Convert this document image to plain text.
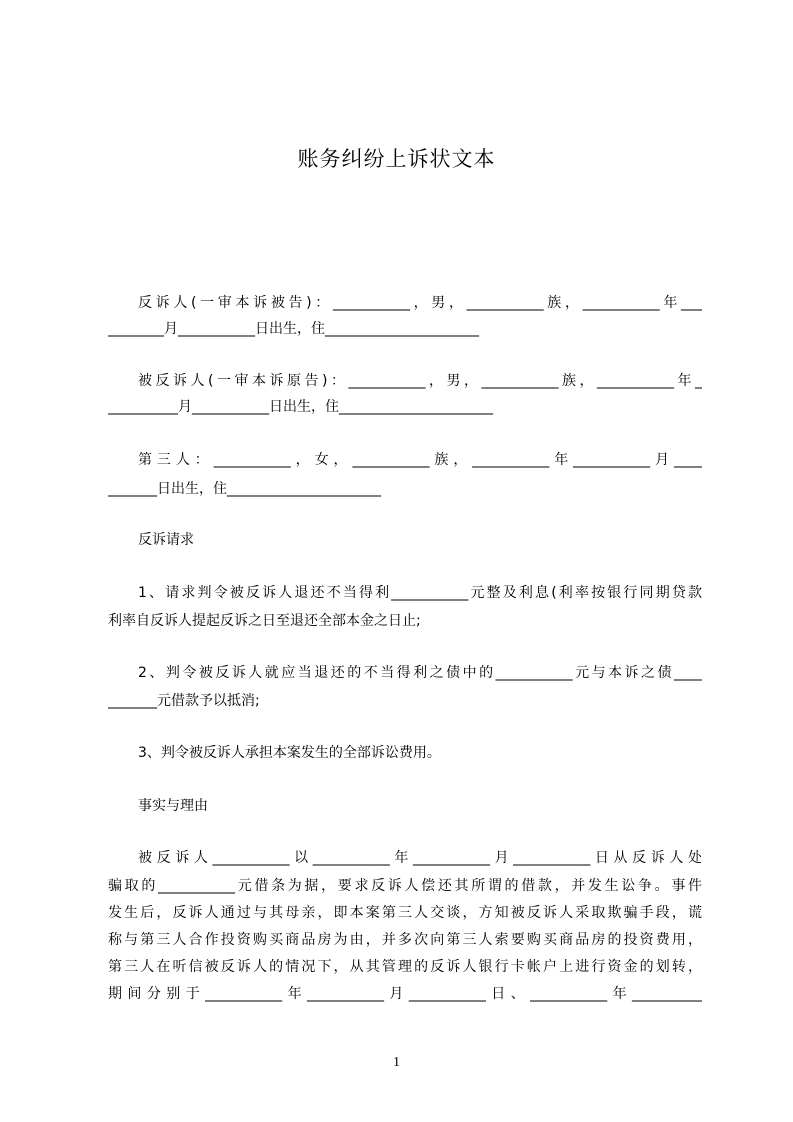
账务纠纷上诉状文本
反诉人(一审本诉被告)：___________，男，___________族，___________年___
________月___________日出生，住______________________
被反诉人(一审本诉原告)：___________，男，___________族，___________年_
__________月___________日出生，住______________________
第三人：___________，女，___________族，___________年___________月____
_______日出生，住______________________
反诉请求
1、请求判令被反诉人退还不当得利___________元整及利息(利率按银行同期贷款
利率自反诉人提起反诉之日至退还全部本金之日止;
2、判令被反诉人就应当退还的不当得利之债中的___________元与本诉之债____
_______元借款予以抵消;
3、判令被反诉人承担本案发生的全部诉讼费用。
事实与理由
被反诉人___________以___________年___________月___________日从反诉人处
骗取的___________元借条为据，要求反诉人偿还其所谓的借款，并发生讼争。事件
发生后，反诉人通过与其母亲，即本案第三人交谈，方知被反诉人采取欺骗手段，谎
称与第三人合作投资购买商品房为由，并多次向第三人索要购买商品房的投资费用，
第三人在听信被反诉人的情况下，从其管理的反诉人银行卡帐户上进行资金的划转，
期间分别于___________年___________月___________日、___________年__________
1
